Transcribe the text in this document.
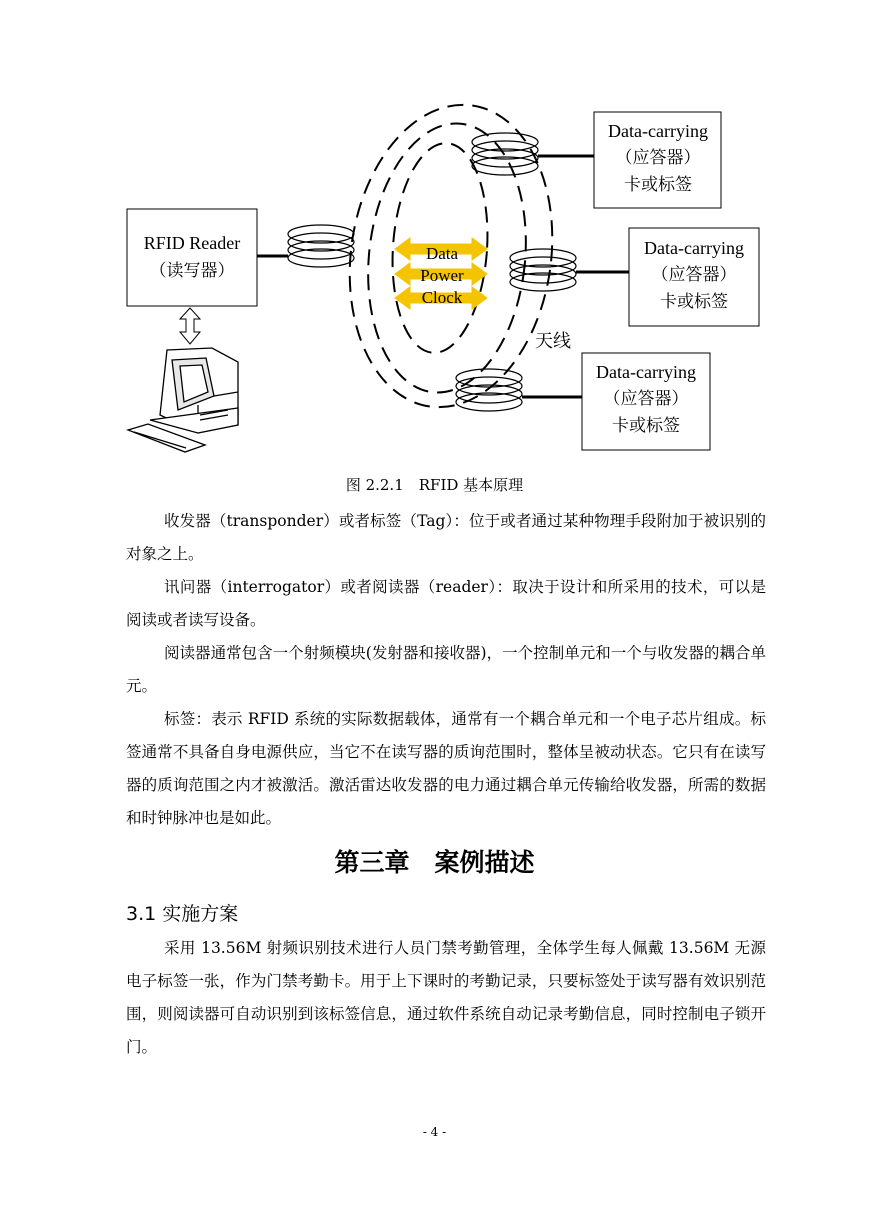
RFID Reader
（读写器）
Data
Power
Clock
天线
Data-carrying
（应答器）
卡或标签
Data-carrying
（应答器）
卡或标签
Data-carrying
（应答器）
卡或标签
图 2.2.1　RFID 基本原理

收发器（transponder）或者标签（Tag）：位于或者通过某种物理手段附加于被识别的对象之上。

讯问器（interrogator）或者阅读器（reader）：取决于设计和所采用的技术，可以是阅读或者读写设备。

阅读器通常包含一个射频模块(发射器和接收器)，一个控制单元和一个与收发器的耦合单元。

标签：表示 RFID 系统的实际数据载体，通常有一个耦合单元和一个电子芯片组成。标签通常不具备自身电源供应，当它不在读写器的质询范围时，整体呈被动状态。它只有在读写器的质询范围之内才被激活。激活雷达收发器的电力通过耦合单元传输给收发器，所需的数据和时钟脉冲也是如此。

第三章　案例描述
3.1 实施方案

采用 13.56M 射频识别技术进行人员门禁考勤管理，全体学生每人佩戴 13.56M 无源电子标签一张，作为门禁考勤卡。用于上下课时的考勤记录，只要标签处于读写器有效识别范围，则阅读器可自动识别到该标签信息，通过软件系统自动记录考勤信息，同时控制电子锁开门。

- 4 -
